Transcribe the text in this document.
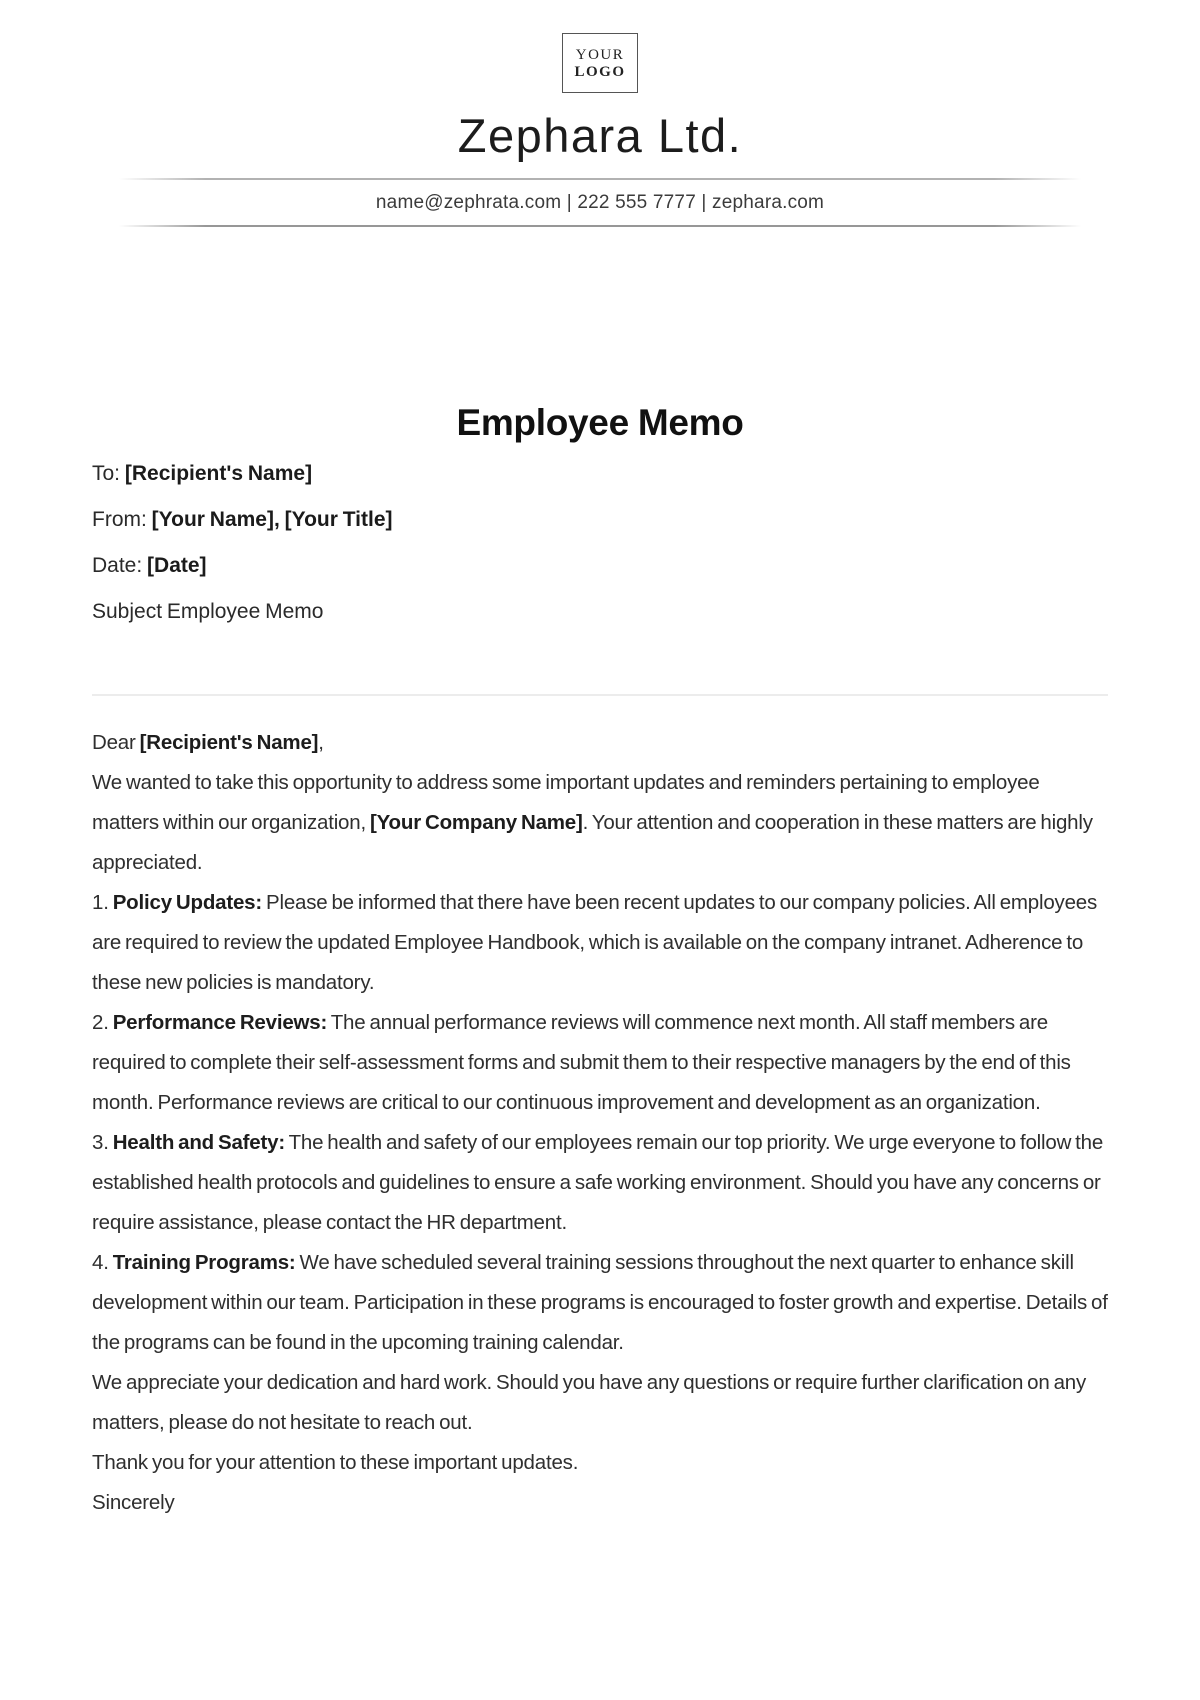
YOUR
LOGO
Zephara Ltd.
name@zephrata.com | 222 555 7777 | zephara.com
Employee Memo
To: [Recipient's Name]
From: [Your Name], [Your Title]
Date: [Date]
Subject Employee Memo

Dear [Recipient's Name],

We wanted to take this opportunity to address some important updates and reminders pertaining to employee matters within our organization, [Your Company Name]. Your attention and cooperation in these matters are highly appreciated.

1. Policy Updates: Please be informed that there have been recent updates to our company policies. All employees are required to review the updated Employee Handbook, which is available on the company intranet. Adherence to these new policies is mandatory.

2. Performance Reviews: The annual performance reviews will commence next month. All staff members are required to complete their self-assessment forms and submit them to their respective managers by the end of this month. Performance reviews are critical to our continuous improvement and development as an organization.

3. Health and Safety: The health and safety of our employees remain our top priority. We urge everyone to follow the established health protocols and guidelines to ensure a safe working environment. Should you have any concerns or require assistance, please contact the HR department.

4. Training Programs: We have scheduled several training sessions throughout the next quarter to enhance skill development within our team. Participation in these programs is encouraged to foster growth and expertise. Details of the programs can be found in the upcoming training calendar.

We appreciate your dedication and hard work. Should you have any questions or require further clarification on any matters, please do not hesitate to reach out.

Thank you for your attention to these important updates.

Sincerely
